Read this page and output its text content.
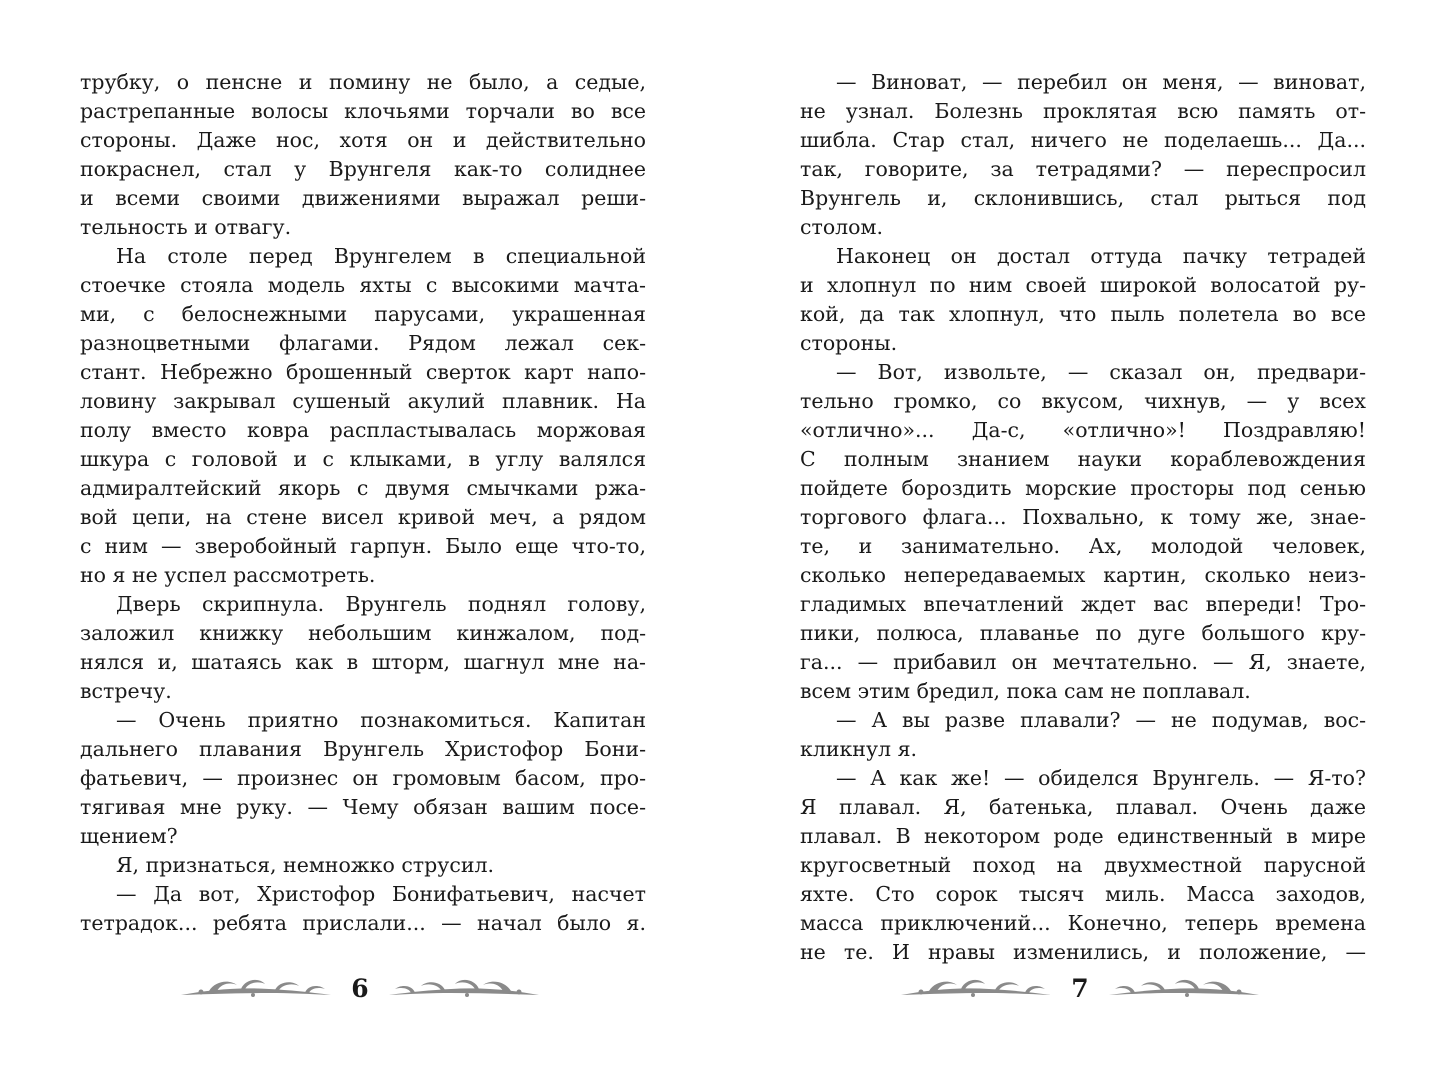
трубку, о пенсне и помину не было, а седые,
растрепанные волосы клочьями торчали во все
стороны. Даже нос, хотя он и действительно
покраснел, стал у Врунгеля как-то солиднее
и всеми своими движениями выражал реши-
тельность и отвагу.
На столе перед Врунгелем в специальной
стоечке стояла модель яхты с высокими мачта-
ми, с белоснежными парусами, украшенная
разноцветными флагами. Рядом лежал сек-
стант. Небрежно брошенный сверток карт напо-
ловину закрывал сушеный акулий плавник. На
полу вместо ковра распластывалась моржовая
шкура с головой и с клыками, в углу валялся
адмиралтейский якорь с двумя смычками ржа-
вой цепи, на стене висел кривой меч, а рядом
с ним — зверобойный гарпун. Было еще что-то,
но я не успел рассмотреть.
Дверь скрипнула. Врунгель поднял голову,
заложил книжку небольшим кинжалом, под-
нялся и, шатаясь как в шторм, шагнул мне на-
встречу.
— Очень приятно познакомиться. Капитан
дальнего плавания Врунгель Христофор Бони-
фатьевич, — произнес он громовым басом, про-
тягивая мне руку. — Чему обязан вашим посе-
щением?
Я, признаться, немножко струсил.
— Да вот, Христофор Бонифатьевич, насчет
тетрадок... ребята прислали... — начал было я.
— Виноват, — перебил он меня, — виноват,
не узнал. Болезнь проклятая всю память от-
шибла. Стар стал, ничего не поделаешь... Да...
так, говорите, за тетрадями? — переспросил
Врунгель и, склонившись, стал рыться под
столом.
Наконец он достал оттуда пачку тетрадей
и хлопнул по ним своей широкой волосатой ру-
кой, да так хлопнул, что пыль полетела во все
стороны.
— Вот, извольте, — сказал он, предвари-
тельно громко, со вкусом, чихнув, — у всех
«отлично»... Да-с, «отлично»! Поздравляю!
С полным знанием науки кораблевождения
пойдете бороздить морские просторы под сенью
торгового флага... Похвально, к тому же, знае-
те, и занимательно. Ах, молодой человек,
сколько непередаваемых картин, сколько неиз-
гладимых впечатлений ждет вас впереди! Тро-
пики, полюса, плаванье по дуге большого кру-
га... — прибавил он мечтательно. — Я, знаете,
всем этим бредил, пока сам не поплавал.
— А вы разве плавали? — не подумав, вос-
кликнул я.
— А как же! — обиделся Врунгель. — Я-то?
Я плавал. Я, батенька, плавал. Очень даже
плавал. В некотором роде единственный в мире
кругосветный поход на двухместной парусной
яхте. Сто сорок тысяч миль. Масса заходов,
масса приключений... Конечно, теперь времена
не те. И нравы изменились, и положение, —
6	7
